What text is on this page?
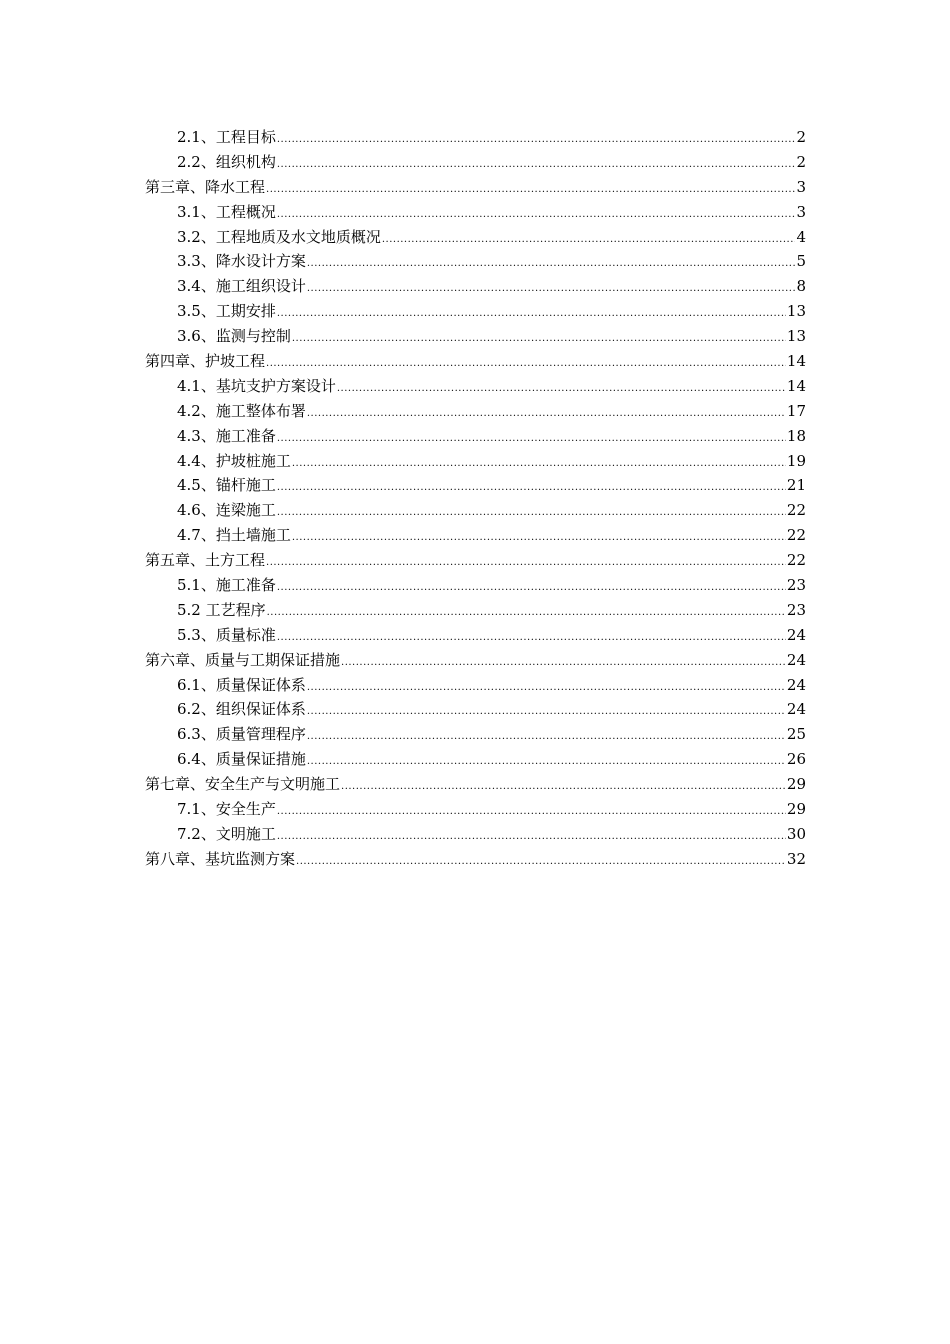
2.1、工程目标 .....	2
2.2、组织机构 .....	2
第三章、降水工程 .....	3
3.1、工程概况 .....	3
3.2、工程地质及水文地质概况 .....	4
3.3、降水设计方案 .....	5
3.4、施工组织设计 .....	8
3.5、工期安排 .....	13
3.6、监测与控制 .....	13
第四章、护坡工程 .....	14
4.1、基坑支护方案设计 .....	14
4.2、施工整体布署 .....	17
4.3、施工准备 .....	18
4.4、护坡桩施工 .....	19
4.5、锚杆施工 .....	21
4.6、连梁施工 .....	22
4.7、挡土墙施工 .....	22
第五章、土方工程 .....	22
5.1、施工准备 .....	23
5.2 工艺程序 .....	23
5.3、质量标准 .....	24
第六章、质量与工期保证措施 .....	24
6.1、质量保证体系 .....	24
6.2、组织保证体系 .....	24
6.3、质量管理程序 .....	25
6.4、质量保证措施 .....	26
第七章、安全生产与文明施工 .....	29
7.1、安全生产 .....	29
7.2、文明施工 .....	30
第八章、基坑监测方案 .....	32
